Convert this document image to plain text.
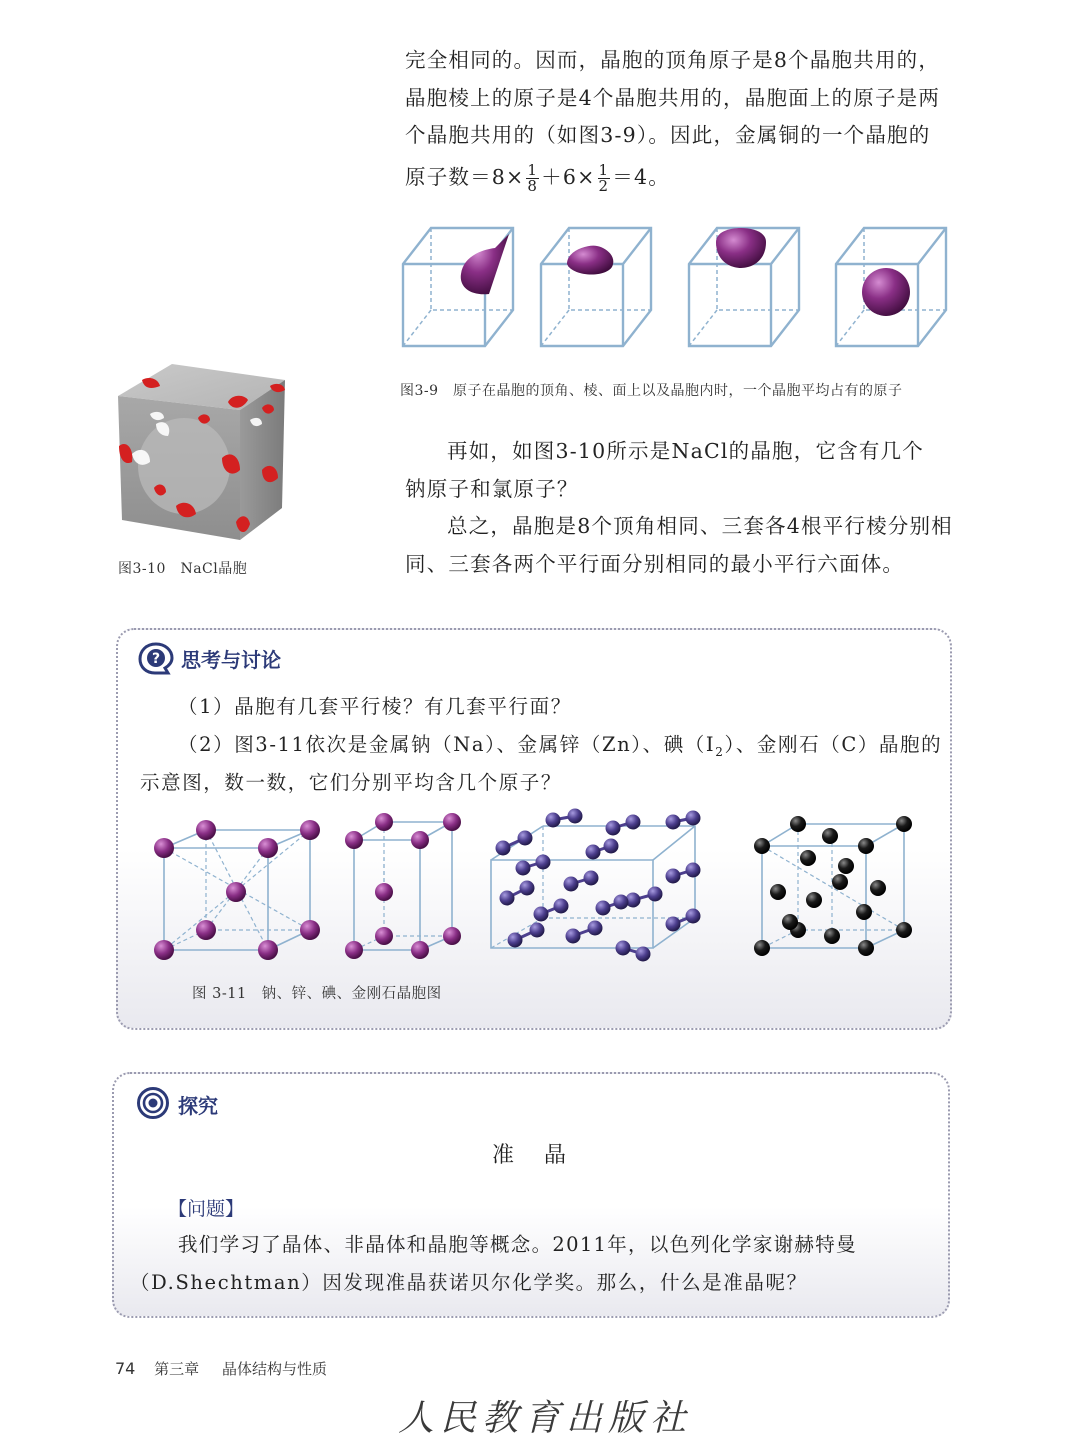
完全相同的。因而，晶胞的顶角原子是8个晶胞共用的，

晶胞棱上的原子是4个晶胞共用的，晶胞面上的原子是两

个晶胞共用的（如图3-9）。因此，金属铜的一个晶胞的

原子数$=8\times \frac{1}{8} +6\times \frac{1}{2} =4$。

图3-9　原子在晶胞的顶角、棱、面上以及晶胞内时，一个晶胞平均占有的原子
图3-10　NaCl晶胞

再如，如图3-10所示是NaCl的晶胞，它含有几个

钠原子和氯原子？

总之，晶胞是8个顶角相同、三套各4根平行棱分别相

同、三套各两个平行面分别相同的最小平行六面体。

? 思考与讨论
（1）晶胞有几套平行棱？有几套平行面？
（2）图3-11依次是金属钠（Na）、金属锌（Zn）、碘$(I_2)$、金刚石（C）晶胞的
示意图，数一数，它们分别平均含几个原子？
图 3-11　钠、锌、碘、金刚石晶胞图
探究
准　晶
【问题】
我们学习了晶体、非晶体和晶胞等概念。2011年，以色列化学家谢赫特曼
（D.Shechtman）因发现准晶获诺贝尔化学奖。那么，什么是准晶呢？
74 第三章 晶体结构与性质
人民教育出版社
